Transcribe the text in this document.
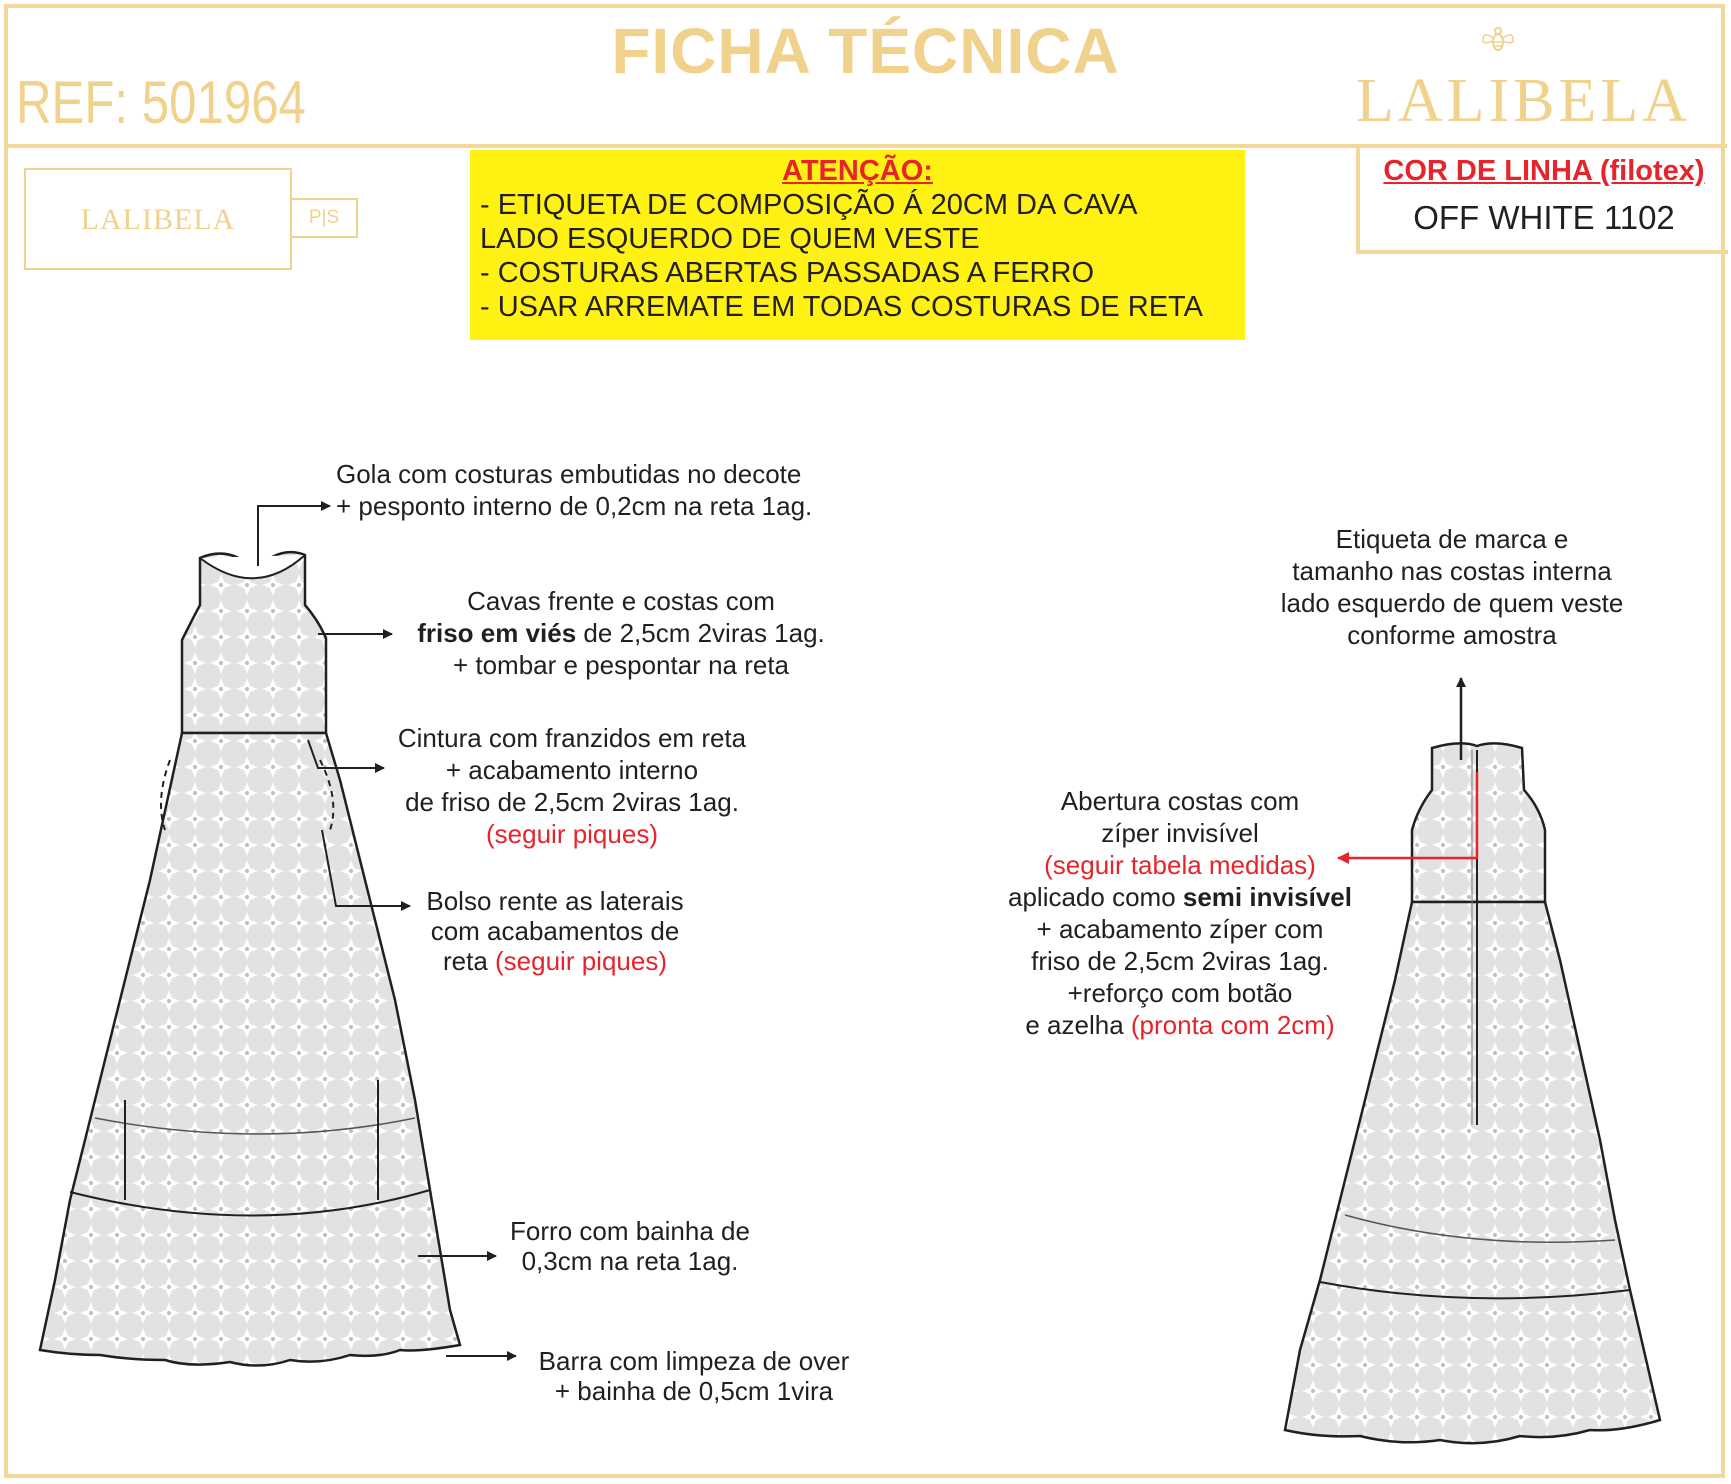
FICHA TÉCNICA
REF: 501964	LALIBELA
LALIBELA	P|S
ATENÇÃO:
- ETIQUETA DE COMPOSIÇÃO Á 20CM DA CAVA
LADO ESQUERDO DE QUEM VESTE
- COSTURAS ABERTAS PASSADAS A FERRO
- USAR ARREMATE EM TODAS COSTURAS DE RETA
COR DE LINHA (filotex)
OFF WHITE 1102
Gola com costuras embutidas no decote
+ pesponto interno de 0,2cm na reta 1ag.
Cavas frente e costas com
friso em viés de 2,5cm 2viras 1ag.
+ tombar e pespontar na reta
Cintura com franzidos em reta
+ acabamento interno
de friso de 2,5cm 2viras 1ag.
(seguir piques)
Bolso rente as laterais
com acabamentos de
reta (seguir piques)
Forro com bainha de
0,3cm na reta 1ag.
Barra com limpeza de over
+ bainha de 0,5cm 1vira
Etiqueta de marca e
tamanho nas costas interna
lado esquerdo de quem veste
conforme amostra
Abertura costas com
zíper invisível
(seguir tabela medidas)
aplicado como semi invisível
+ acabamento zíper com
friso de 2,5cm 2viras 1ag.
+reforço com botão
e azelha (pronta com 2cm)
